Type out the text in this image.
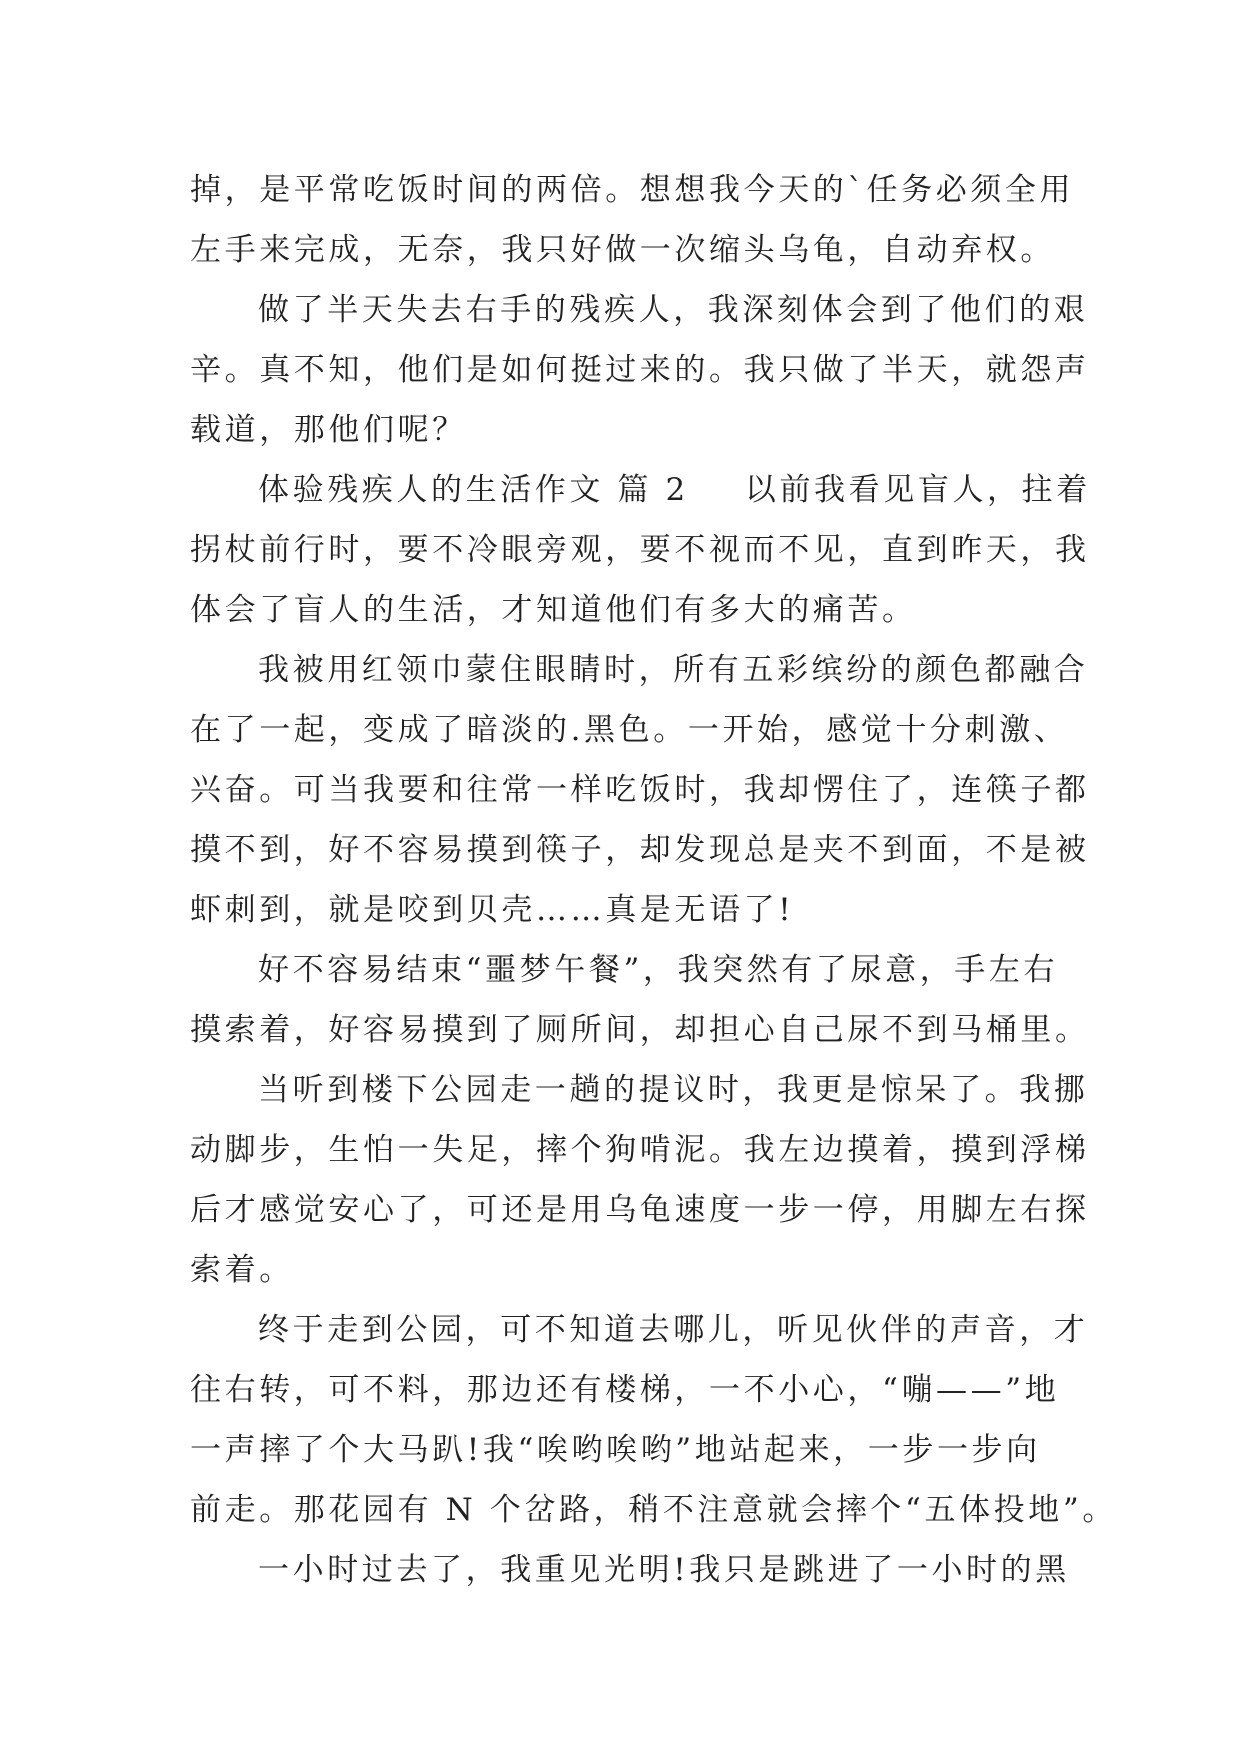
掉，是平常吃饭时间的两倍。想想我今天的`任务必须全用
左手来完成，无奈，我只好做一次缩头乌龟，自动弃权。
做了半天失去右手的残疾人，我深刻体会到了他们的艰
辛。真不知，他们是如何挺过来的。我只做了半天，就怨声
载道，那他们呢？
体验残疾人的生活作文 篇 2 以前我看见盲人，拄着
拐杖前行时，要不冷眼旁观，要不视而不见，直到昨天，我
体会了盲人的生活，才知道他们有多大的痛苦。
我被用红领巾蒙住眼睛时，所有五彩缤纷的颜色都融合
在了一起，变成了暗淡的.黑色。一开始，感觉十分刺激、
兴奋。可当我要和往常一样吃饭时，我却愣住了，连筷子都
摸不到，好不容易摸到筷子，却发现总是夹不到面，不是被
虾刺到，就是咬到贝壳……真是无语了!
好不容易结束“噩梦午餐”，我突然有了尿意，手左右
摸索着，好容易摸到了厕所间，却担心自己尿不到马桶里。
当听到楼下公园走一趟的提议时，我更是惊呆了。我挪
动脚步，生怕一失足，摔个狗啃泥。我左边摸着，摸到浮梯
后才感觉安心了，可还是用乌龟速度一步一停，用脚左右探
索着。
终于走到公园，可不知道去哪儿，听见伙伴的声音，才
往右转，可不料，那边还有楼梯，一不小心，“嘣——”地
一声摔了个大马趴!我“唉哟唉哟”地站起来，一步一步向
前走。那花园有 N 个岔路，稍不注意就会摔个“五体投地”。
一小时过去了，我重见光明!我只是跳进了一小时的黑
